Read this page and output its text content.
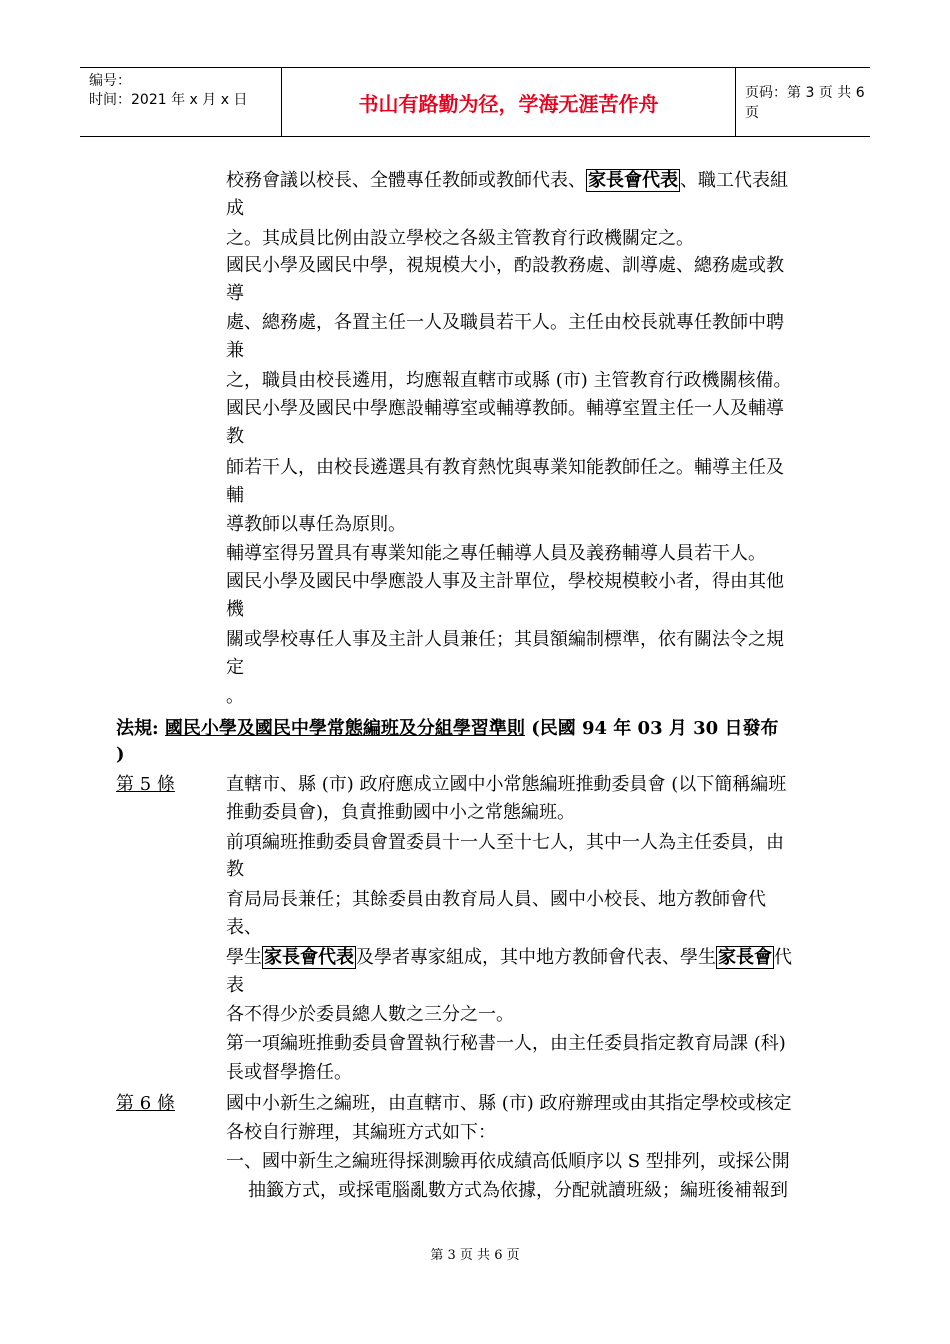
编号：
时间：2021 年 x 月 x 日	书山有路勤为径，学海无涯苦作舟	页码：第 3 页 共 6 页
校務會議以校長、全體專任教師或教師代表、 家長會代表 、職工代表組
成
之。其成員比例由設立學校之各級主管教育行政機關定之。
國民小學及國民中學，視規模大小，酌設教務處、訓導處、總務處或教
導
處、總務處，各置主任一人及職員若干人。主任由校長就專任教師中聘
兼
之，職員由校長遴用，均應報直轄市或縣 (市) 主管教育行政機關核備。
國民小學及國民中學應設輔導室或輔導教師。輔導室置主任一人及輔導
教
師若干人，由校長遴選具有教育熱忱與專業知能教師任之。輔導主任及
輔
導教師以專任為原則。
輔導室得另置具有專業知能之專任輔導人員及義務輔導人員若干人。
國民小學及國民中學應設人事及主計單位，學校規模較小者，得由其他
機
關或學校專任人事及主計人員兼任；其員額編制標準，依有關法令之規
定
。
法規: 國民小學及國民中學常態編班及分組學習準則 (民國 94 年 03 月 30 日發布
)
第 5 條	直轄市、縣 (市) 政府應成立國中小常態編班推動委員會 (以下簡稱編班
推動委員會)，負責推動國中小之常態編班。
前項編班推動委員會置委員十一人至十七人，其中一人為主任委員，由
教
育局局長兼任；其餘委員由教育局人員、國中小校長、地方教師會代
表、
學生 家長會代表 及學者專家組成，其中地方教師會代表、學生 家長會 代
表
各不得少於委員總人數之三分之一。
第一項編班推動委員會置執行秘書一人，由主任委員指定教育局課 (科)
長或督學擔任。
第 6 條	國中小新生之編班，由直轄市、縣 (市) 政府辦理或由其指定學校或核定
各校自行辦理，其編班方式如下：
一、國中新生之編班得採測驗再依成績高低順序以 S 型排列，或採公開
抽籤方式，或採電腦亂數方式為依據，分配就讀班級；編班後補報到
第 3 页 共 6 页
